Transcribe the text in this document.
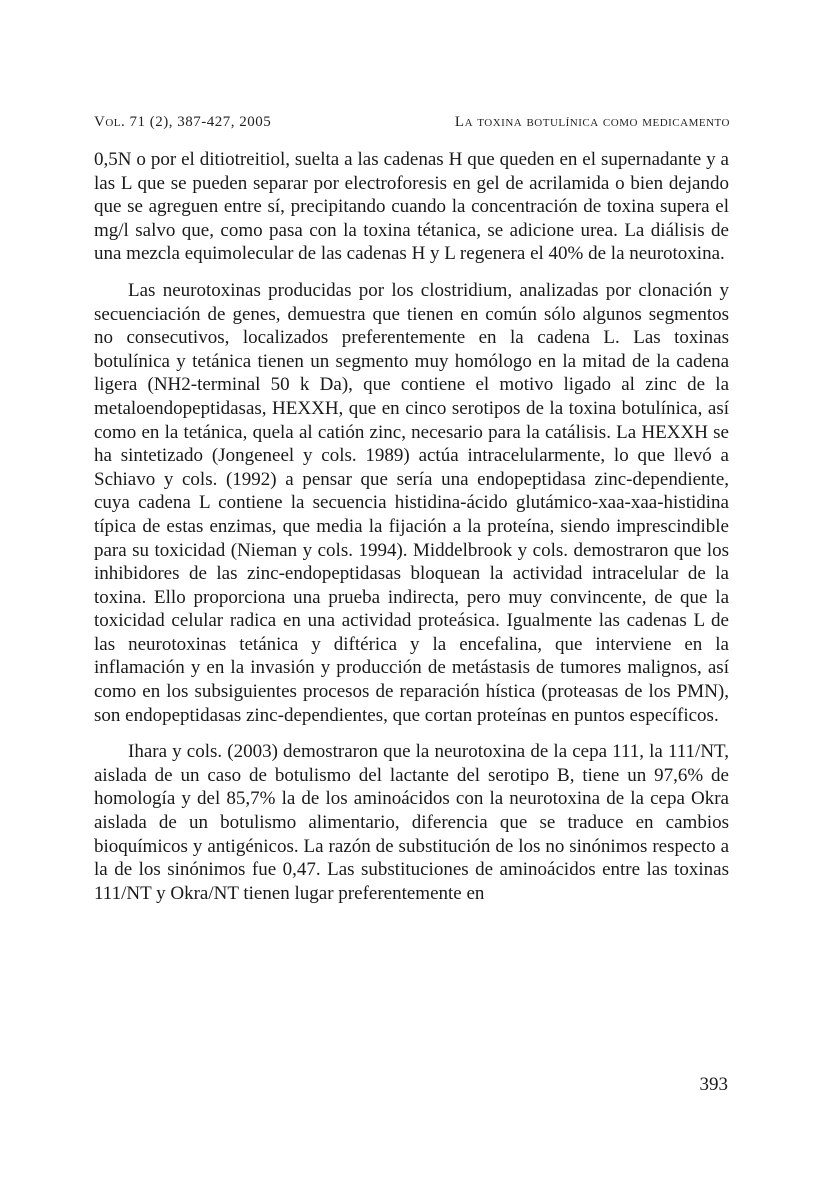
Vol. 71 (2), 387-427, 2005	La toxina botulínica como medicamento

0,5N o por el ditiotreitiol, suelta a las cadenas H que queden en el supernadante y a las L que se pueden separar por electroforesis en gel de acrilamida o bien dejando que se agreguen entre sí, precipitando cuando la concentración de toxina supera el mg/l salvo que, como pasa con la toxina tétanica, se adicione urea. La diálisis de una mezcla equimolecular de las cadenas H y L regenera el 40% de la neurotoxina.

Las neurotoxinas producidas por los clostridium, analizadas por clonación y secuenciación de genes, demuestra que tienen en común sólo algunos segmentos no consecutivos, localizados preferentemente en la cadena L. Las toxinas botulínica y tetánica tienen un segmento muy homólogo en la mitad de la cadena ligera (NH2-terminal 50 k Da), que contiene el motivo ligado al zinc de la metaloendopeptidasas, HEXXH, que en cinco serotipos de la toxina botulínica, así como en la tetánica, quela al catión zinc, necesario para la catálisis. La HEXXH se ha sintetizado (Jongeneel y cols. 1989) actúa intracelularmente, lo que llevó a Schiavo y cols. (1992) a pensar que sería una endopeptidasa zinc-dependiente, cuya cadena L contiene la secuencia histidina-ácido glutámico-xaa-xaa-histidina típica de estas enzimas, que media la fijación a la proteína, siendo imprescindible para su toxicidad (Nieman y cols. 1994). Middelbrook y cols. demostraron que los inhibidores de las zinc-endopeptidasas bloquean la actividad intracelular de la toxina. Ello proporciona una prueba indirecta, pero muy convincente, de que la toxicidad celular radica en una actividad proteásica. Igualmente las cadenas L de las neurotoxinas tetánica y diftérica y la encefalina, que interviene en la inflamación y en la invasión y producción de metástasis de tumores malignos, así como en los subsiguientes procesos de reparación hística (proteasas de los PMN), son endopeptidasas zinc-dependientes, que cortan proteínas en puntos específicos.

Ihara y cols. (2003) demostraron que la neurotoxina de la cepa 111, la 111/NT, aislada de un caso de botulismo del lactante del serotipo B, tiene un 97,6% de homología y del 85,7% la de los aminoácidos con la neurotoxina de la cepa Okra aislada de un botulismo alimentario, diferencia que se traduce en cambios bioquímicos y antigénicos. La razón de substitución de los no sinónimos respecto a la de los sinónimos fue 0,47. Las substituciones de aminoácidos entre las toxinas 111/NT y Okra/NT tienen lugar preferentemente en

393
